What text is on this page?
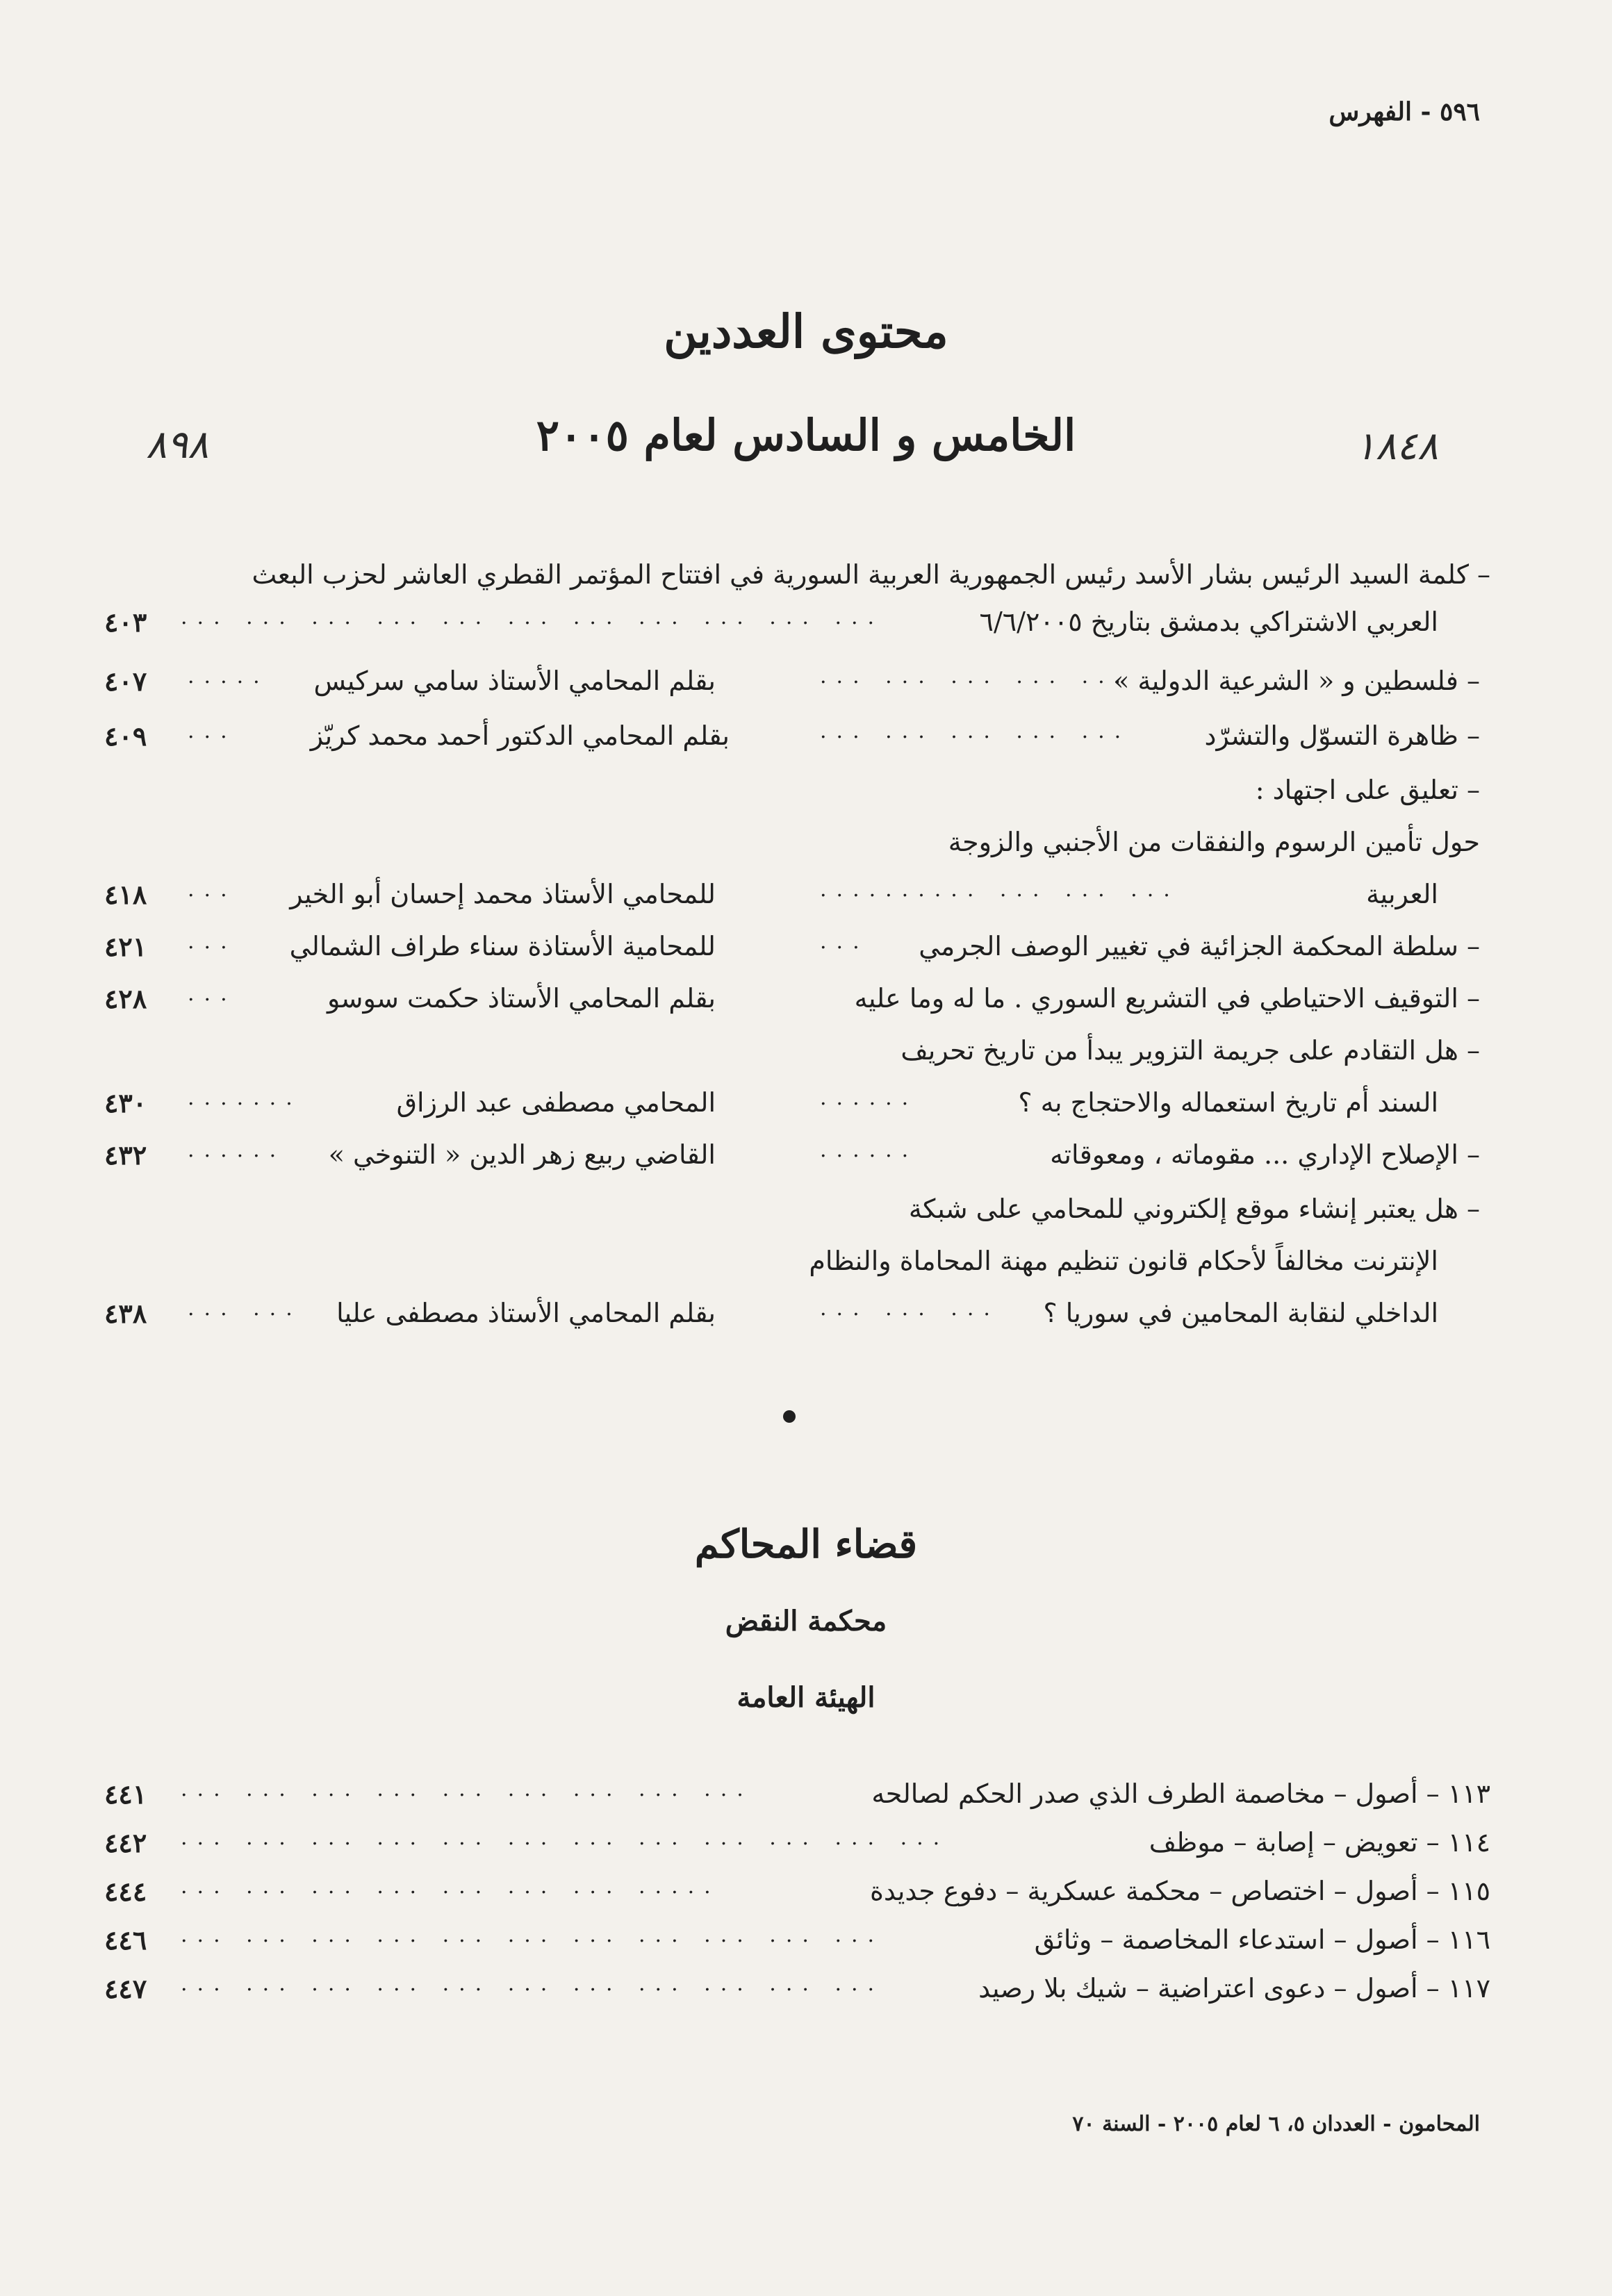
٥٩٦ - الفهرس
محتوى العددين
الخامس و السادس لعام ٢٠٠٥
٨٩٨	١٨٤٨
– كلمة السيد الرئيس بشار الأسد رئيس الجمهورية العربية السورية في افتتاح المؤتمر القطري العاشر لحزب البعث
العربي الاشتراكي بدمشق بتاريخ ٦/٦/٢٠٠٥
... ... ... ... ... ... ... ... ... ... ...
٤٠٣
– فلسطين و « الشرعية الدولية »
... ... ... ... ...
بقلم المحامي الأستاذ سامي سركيس
.....
٤٠٧
– ظاهرة التسوّل والتشرّد
... ... ... ... ...
بقلم المحامي الدكتور أحمد محمد كريّز
...
٤٠٩
– تعليق على اجتهاد :
حول تأمين الرسوم والنفقات من الأجنبي والزوجة
العربية
.......... ... ... ...
للمحامي الأستاذ محمد إحسان أبو الخير
...
٤١٨
– سلطة المحكمة الجزائية في تغيير الوصف الجرمي
...
للمحامية الأستاذة سناء طراف الشمالي
...
٤٢١
– التوقيف الاحتياطي في التشريع السوري . ما له وما عليه
بقلم المحامي الأستاذ حكمت سوسو
...
٤٢٨
– هل التقادم على جريمة التزوير يبدأ من تاريخ تحريف
السند أم تاريخ استعماله والاحتجاج به ؟
......
المحامي مصطفى عبد الرزاق
.......
٤٣٠
– الإصلاح الإداري ... مقوماته ، ومعوقاته
......
القاضي ربيع زهر الدين « التنوخي »
......
٤٣٢
– هل يعتبر إنشاء موقع إلكتروني للمحامي على شبكة
الإنترنت مخالفاً لأحكام قانون تنظيم مهنة المحاماة والنظام
الداخلي لنقابة المحامين في سوريا ؟
... ... ...
بقلم المحامي الأستاذ مصطفى عليا
... ...
٤٣٨
قضاء المحاكم
محكمة النقض
الهيئة العامة
١١٣ – أصول – مخاصمة الطرف الذي صدر الحكم لصالحه
... ... ... ... ... ... ... ... ...
٤٤١
١١٤ – تعويض – إصابة – موظف
... ... ... ... ... ... ... ... ... ... ... ...
٤٤٢
١١٥ – أصول – اختصاص – محكمة عسكرية – دفوع جديدة
... ... ... ... ... ... ... .....
٤٤٤
١١٦ – أصول – استدعاء المخاصمة – وثائق
... ... ... ... ... ... ... ... ... ... ...
٤٤٦
١١٧ – أصول – دعوى اعتراضية – شيك بلا رصيد
... ... ... ... ... ... ... ... ... ... ...
٤٤٧
المحامون - العددان ٥، ٦ لعام ٢٠٠٥ - السنة ٧٠
